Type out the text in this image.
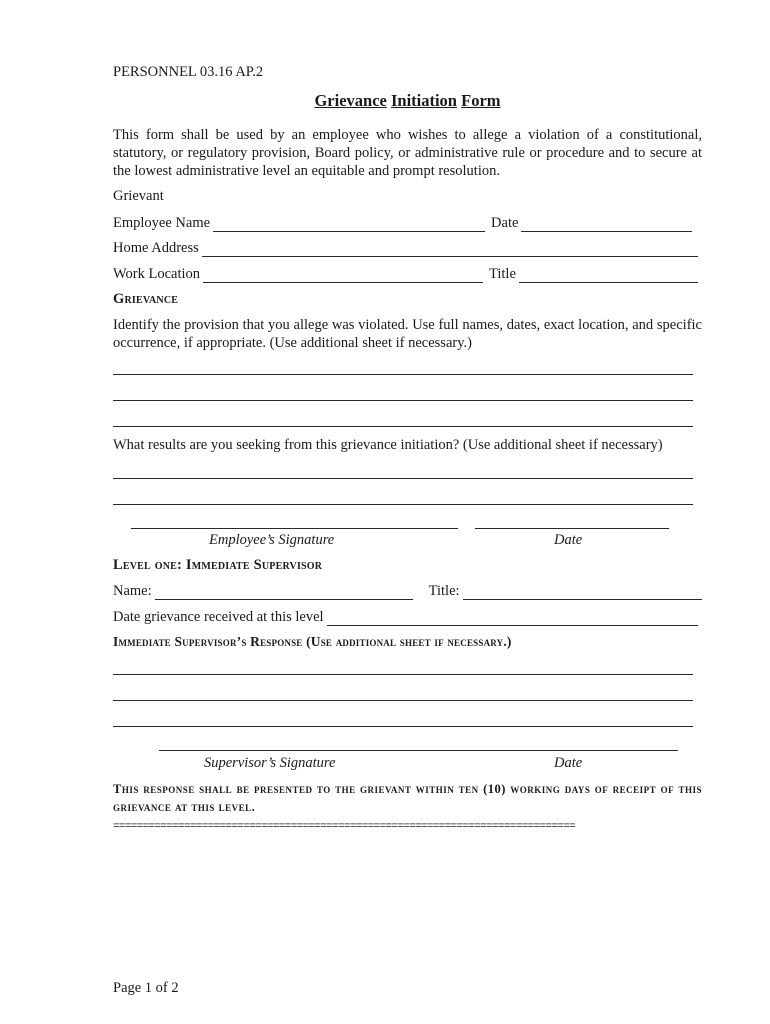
PERSONNEL 03.16 AP.2
Grievance Initiation Form
This form shall be used by an employee who wishes to allege a violation of a constitutional, statutory, or regulatory provision, Board policy, or administrative rule or procedure and to secure at the lowest administrative level an equitable and prompt resolution.
Grievant
Employee Name	Date
Home Address
Work Location	Title
Grievance
Identify the provision that you allege was violated. Use full names, dates, exact location, and specific occurrence, if appropriate. (Use additional sheet if necessary.)
What results are you seeking from this grievance initiation? (Use additional sheet if necessary)
Employee’s Signature	Date
Level one: Immediate Supervisor
Name:	Title:
Date grievance received at this level
Immediate Supervisor’s Response (Use additional sheet if necessary.)
Supervisor’s Signature	Date
This response shall be presented to the grievant within ten (10) working days of receipt of this grievance at this level.
==============================================================================
Page 1 of 2
